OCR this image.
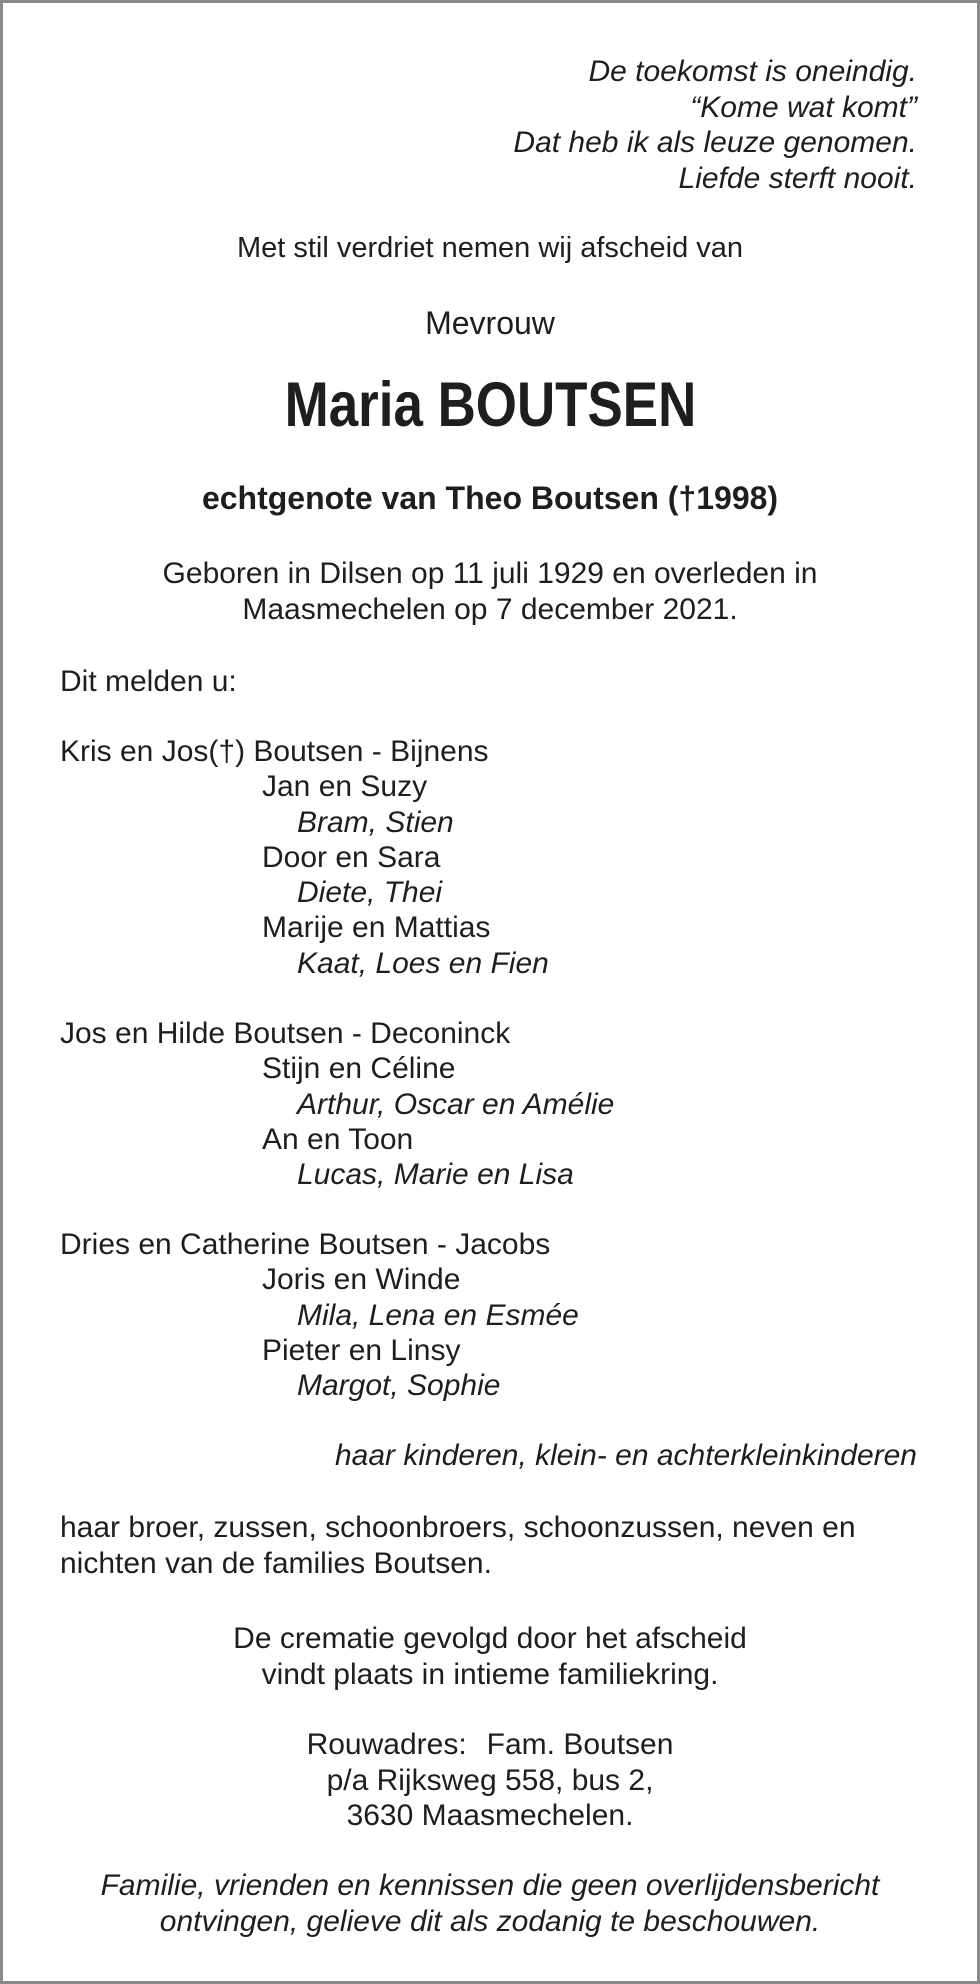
De toekomst is oneindig.
“Kome wat komt”
Dat heb ik als leuze genomen.
Liefde sterft nooit.
Met stil verdriet nemen wij afscheid van
Mevrouw
Maria BOUTSEN
echtgenote van Theo Boutsen (†1998)
Geboren in Dilsen op 11 juli 1929 en overleden in
Maasmechelen op 7 december 2021.
Dit melden u:
Kris en Jos(†) Boutsen - Bijnens
Jan en Suzy
Bram, Stien
Door en Sara
Diete, Thei
Marije en Mattias
Kaat, Loes en Fien
Jos en Hilde Boutsen - Deconinck
Stijn en Céline
Arthur, Oscar en Amélie
An en Toon
Lucas, Marie en Lisa
Dries en Catherine Boutsen - Jacobs
Joris en Winde
Mila, Lena en Esmée
Pieter en Linsy
Margot, Sophie
haar kinderen, klein- en achterkleinkinderen
haar broer, zussen, schoonbroers, schoonzussen, neven en
nichten van de families Boutsen.
De crematie gevolgd door het afscheid
vindt plaats in intieme familiekring.
Rouwadres: Fam. Boutsen
p/a Rijksweg 558, bus 2,
3630 Maasmechelen.
Familie, vrienden en kennissen die geen overlijdensbericht
ontvingen, gelieve dit als zodanig te beschouwen.
